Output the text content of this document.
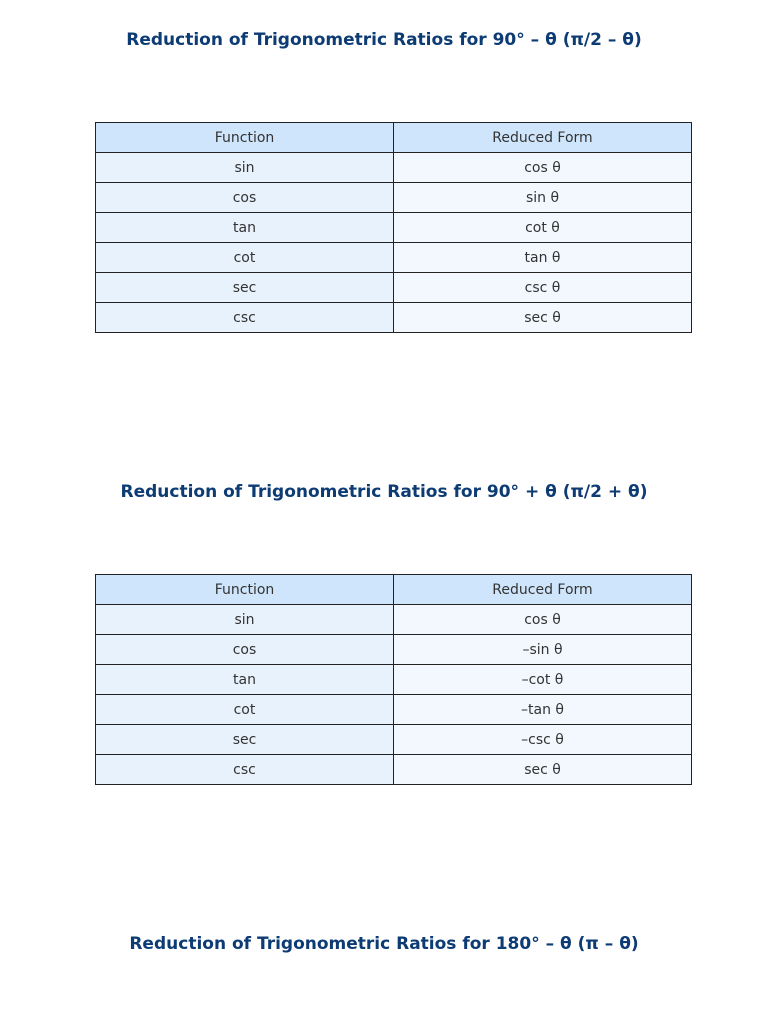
Reduction of Trigonometric Ratios for 90° – θ (π/2 – θ)
Function	Reduced Form
sin	cos θ
cos	sin θ
tan	cot θ
cot	tan θ
sec	csc θ
csc	sec θ
Reduction of Trigonometric Ratios for 90° + θ (π/2 + θ)
Function	Reduced Form
sin	cos θ
cos	–sin θ
tan	–cot θ
cot	–tan θ
sec	–csc θ
csc	sec θ
Reduction of Trigonometric Ratios for 180° – θ (π – θ)
